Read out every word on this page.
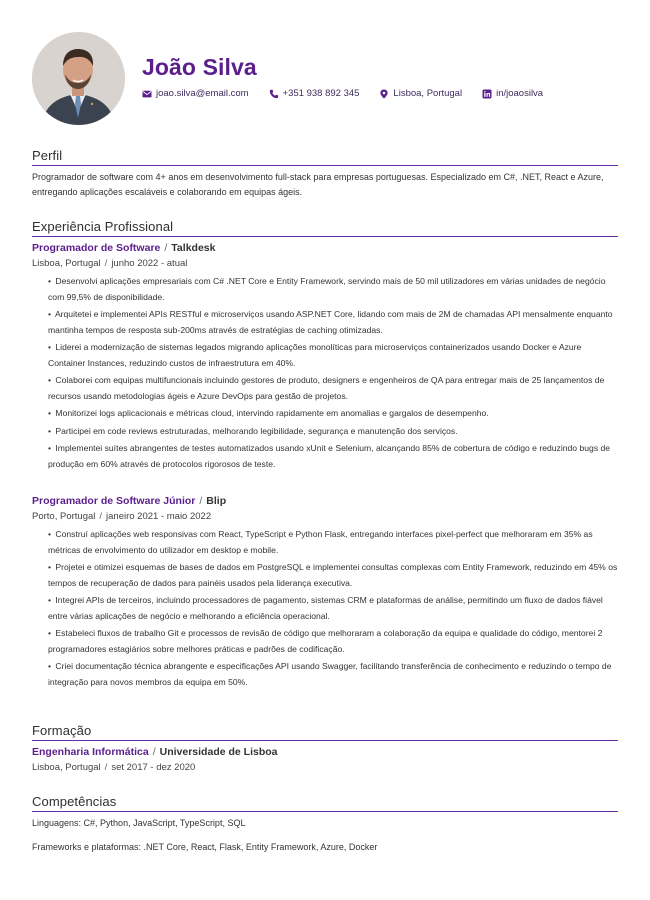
João Silva
joao.silva@email.com	+351 938 892 345	Lisboa, Portugal	in/joaosilva
Perfil
Programador de software com 4+ anos em desenvolvimento full-stack para empresas portuguesas. Especializado em C#, .NET, React e Azure, entregando aplicações escaláveis e colaborando em equipas ágeis.
Experiência Profissional
Programador de Software / Talkdesk
Lisboa, Portugal / junho 2022 - atual
• Desenvolvi aplicações empresariais com C# .NET Core e Entity Framework, servindo mais de 50 mil utilizadores em várias unidades de negócio com 99,5% de disponibilidade.
• Arquitetei e implementei APIs RESTful e microserviços usando ASP.NET Core, lidando com mais de 2M de chamadas API mensalmente enquanto mantinha tempos de resposta sub-200ms através de estratégias de caching otimizadas.
• Liderei a modernização de sistemas legados migrando aplicações monolíticas para microserviços containerizados usando Docker e Azure Container Instances, reduzindo custos de infraestrutura em 40%.
• Colaborei com equipas multifuncionais incluindo gestores de produto, designers e engenheiros de QA para entregar mais de 25 lançamentos de recursos usando metodologias ágeis e Azure DevOps para gestão de projetos.
• Monitorizei logs aplicacionais e métricas cloud, intervindo rapidamente em anomalias e gargalos de desempenho.
• Participei em code reviews estruturadas, melhorando legibilidade, segurança e manutenção dos serviços.
• Implementei suítes abrangentes de testes automatizados usando xUnit e Selenium, alcançando 85% de cobertura de código e reduzindo bugs de produção em 60% através de protocolos rigorosos de teste.
Programador de Software Júnior / Blip
Porto, Portugal / janeiro 2021 - maio 2022
• Construí aplicações web responsivas com React, TypeScript e Python Flask, entregando interfaces pixel-perfect que melhoraram em 35% as métricas de envolvimento do utilizador em desktop e mobile.
• Projetei e otimizei esquemas de bases de dados em PostgreSQL e implementei consultas complexas com Entity Framework, reduzindo em 45% os tempos de recuperação de dados para painéis usados pela liderança executiva.
• Integrei APIs de terceiros, incluindo processadores de pagamento, sistemas CRM e plataformas de análise, permitindo um fluxo de dados fiável entre várias aplicações de negócio e melhorando a eficiência operacional.
• Estabeleci fluxos de trabalho Git e processos de revisão de código que melhoraram a colaboração da equipa e qualidade do código, mentorei 2 programadores estagiários sobre melhores práticas e padrões de codificação.
• Criei documentação técnica abrangente e especificações API usando Swagger, facilitando transferência de conhecimento e reduzindo o tempo de integração para novos membros da equipa em 50%.
Formação
Engenharia Informática / Universidade de Lisboa
Lisboa, Portugal / set 2017 - dez 2020
Competências
Linguagens: C#, Python, JavaScript, TypeScript, SQL
Frameworks e plataformas: .NET Core, React, Flask, Entity Framework, Azure, Docker
